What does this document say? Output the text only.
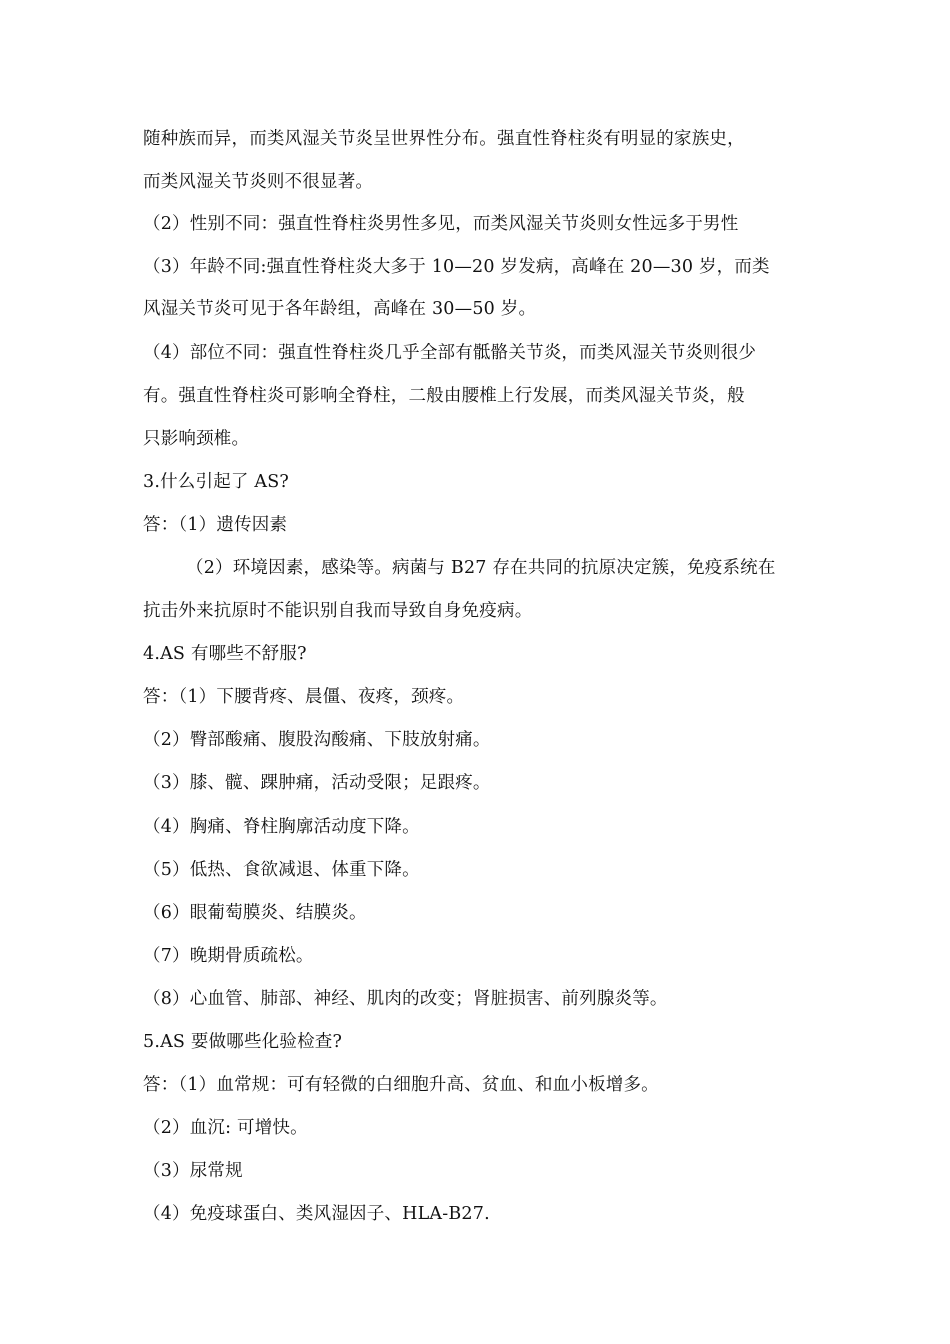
随种族而异，而类风湿关节炎呈世界性分布。强直性脊柱炎有明显的家族史，
而类风湿关节炎则不很显著。
（2）性别不同：强直性脊柱炎男性多见，而类风湿关节炎则女性远多于男性
（3）年龄不同:强直性脊柱炎大多于 10—20 岁发病，高峰在 20—30 岁，而类
风湿关节炎可见于各年龄组，高峰在 30—50 岁。
（4）部位不同：强直性脊柱炎几乎全部有骶骼关节炎，而类风湿关节炎则很少
有。强直性脊柱炎可影响全脊柱，二般由腰椎上行发展，而类风湿关节炎，般
只影响颈椎。
3.什么引起了 AS?
答：（1）遗传因素
（2）环境因素，感染等。病菌与 B27 存在共同的抗原决定簇，免疫系统在
抗击外来抗原时不能识别自我而导致自身免疫病。
4.AS 有哪些不舒服?
答：（1）下腰背疼、晨僵、夜疼，颈疼。
（2）臀部酸痛、腹股沟酸痛、下肢放射痛。
（3）膝、髋、踝肿痛，活动受限；足跟疼。
（4）胸痛、脊柱胸廓活动度下降。
（5）低热、食欲减退、体重下降。
（6）眼葡萄膜炎、结膜炎。
（7）晚期骨质疏松。
（8）心血管、肺部、神经、肌肉的改变；肾脏损害、前列腺炎等。
5.AS 要做哪些化验检查?
答：（1）血常规：可有轻微的白细胞升高、贫血、和血小板增多。
（2）血沉: 可增快。
（3）尿常规
（4）免疫球蛋白、类风湿因子、HLA-B27.
